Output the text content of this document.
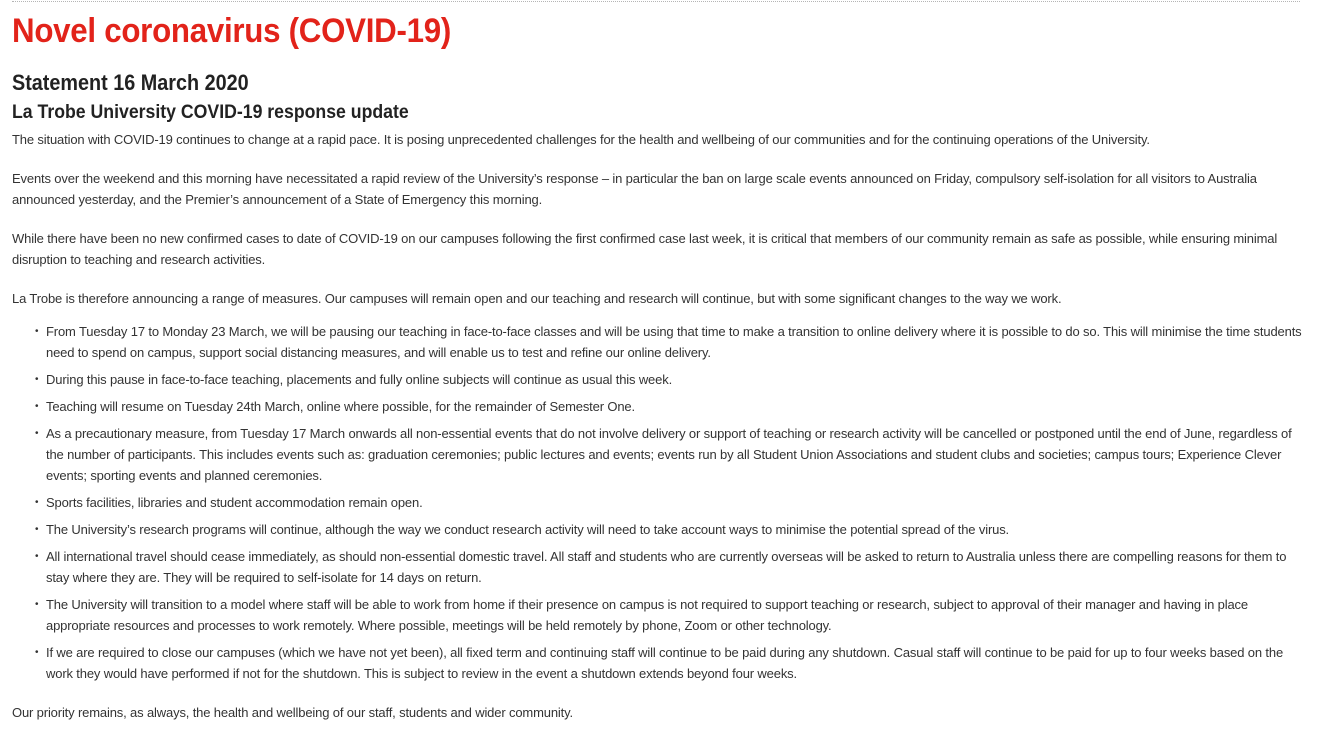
Novel coronavirus (COVID-19)
Statement 16 March 2020
La Trobe University COVID-19 response update

The situation with COVID-19 continues to change at a rapid pace. It is posing unprecedented challenges for the health and wellbeing of our communities and for the continuing operations of the University.

Events over the weekend and this morning have necessitated a rapid review of the University’s response – in particular the ban on large scale events announced on Friday, compulsory self-isolation for all visitors to Australia announced yesterday, and the Premier’s announcement of a State of Emergency this morning.

While there have been no new confirmed cases to date of COVID-19 on our campuses following the first confirmed case last week, it is critical that members of our community remain as safe as possible, while ensuring minimal disruption to teaching and research activities.

La Trobe is therefore announcing a range of measures. Our campuses will remain open and our teaching and research will continue, but with some significant changes to the way we work.

• From Tuesday 17 to Monday 23 March, we will be pausing our teaching in face-to-face classes and will be using that time to make a transition to online delivery where it is possible to do so. This will minimise the time students need to spend on campus, support social distancing measures, and will enable us to test and refine our online delivery.
• During this pause in face-to-face teaching, placements and fully online subjects will continue as usual this week.
• Teaching will resume on Tuesday 24th March, online where possible, for the remainder of Semester One.
• As a precautionary measure, from Tuesday 17 March onwards all non-essential events that do not involve delivery or support of teaching or research activity will be cancelled or postponed until the end of June, regardless of the number of participants. This includes events such as: graduation ceremonies; public lectures and events; events run by all Student Union Associations and student clubs and societies; campus tours; Experience Clever events; sporting events and planned ceremonies.
• Sports facilities, libraries and student accommodation remain open.
• The University’s research programs will continue, although the way we conduct research activity will need to take account ways to minimise the potential spread of the virus.
• All international travel should cease immediately, as should non-essential domestic travel. All staff and students who are currently overseas will be asked to return to Australia unless there are compelling reasons for them to stay where they are. They will be required to self-isolate for 14 days on return.
• The University will transition to a model where staff will be able to work from home if their presence on campus is not required to support teaching or research, subject to approval of their manager and having in place appropriate resources and processes to work remotely. Where possible, meetings will be held remotely by phone, Zoom or other technology.
• If we are required to close our campuses (which we have not yet been), all fixed term and continuing staff will continue to be paid during any shutdown. Casual staff will continue to be paid for up to four weeks based on the work they would have performed if not for the shutdown. This is subject to review in the event a shutdown extends beyond four weeks.

Our priority remains, as always, the health and wellbeing of our staff, students and wider community.
